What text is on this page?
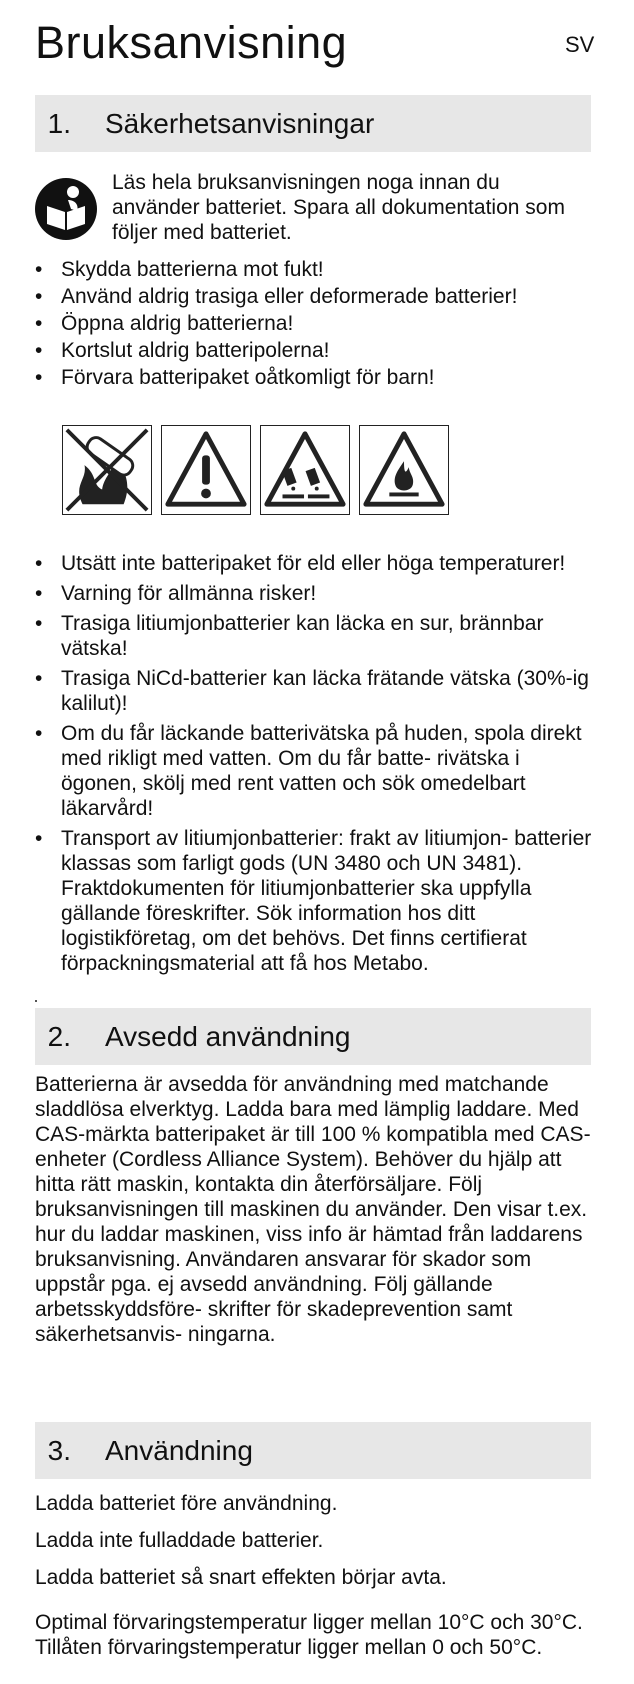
Bruksanvisning	SV
1.	Säkerhetsanvisningar
Läs hela bruksanvisningen noga innan du använder batteriet. Spara all dokumentation som följer med batteriet.
• Skydda batterierna mot fukt!
• Använd aldrig trasiga eller deformerade batterier!
• Öppna aldrig batterierna!
• Kortslut aldrig batteripolerna!
• Förvara batteripaket oåtkomligt för barn!
• Utsätt inte batteripaket för eld eller höga temperaturer!
• Varning för allmänna risker!
• Trasiga litiumjonbatterier kan läcka en sur, brännbar vätska!
• Trasiga NiCd-batterier kan läcka frätande vätska (30%-ig kalilut)!
• Om du får läckande batterivätska på huden, spola direkt med rikligt med vatten. Om du får batte- rivätska i ögonen, skölj med rent vatten och sök omedelbart läkarvård!
• Transport av litiumjonbatterier: frakt av litiumjon- batterier klassas som farligt gods (UN 3480 och UN 3481). Fraktdokumenten för litiumjonbatterier ska uppfylla gällande föreskrifter. Sök information hos ditt logistikföretag, om det behövs. Det finns certifierat förpackningsmaterial att få hos Metabo.
2.	Avsedd användning

Batterierna är avsedda för användning med matchande sladdlösa elverktyg. Ladda bara med lämplig laddare. Med CAS-märkta batteripaket är till 100 % kompatibla med CAS-enheter (Cordless Alliance System). Behöver du hjälp att hitta rätt maskin, kontakta din återförsäljare. Följ bruksanvisningen till maskinen du använder. Den visar t.ex. hur du laddar maskinen, viss info är hämtad från laddarens bruksanvisning. Användaren ansvarar för skador som uppstår pga. ej avsedd användning. Följ gällande arbetsskyddsföre- skrifter för skadeprevention samt säkerhetsanvis- ningarna.

3.	Användning

Ladda batteriet före användning.

Ladda inte fulladdade batterier.

Ladda batteriet så snart effekten börjar avta.

Optimal förvaringstemperatur ligger mellan 10°C och 30°C. Tillåten förvaringstemperatur ligger mellan 0 och 50°C.
